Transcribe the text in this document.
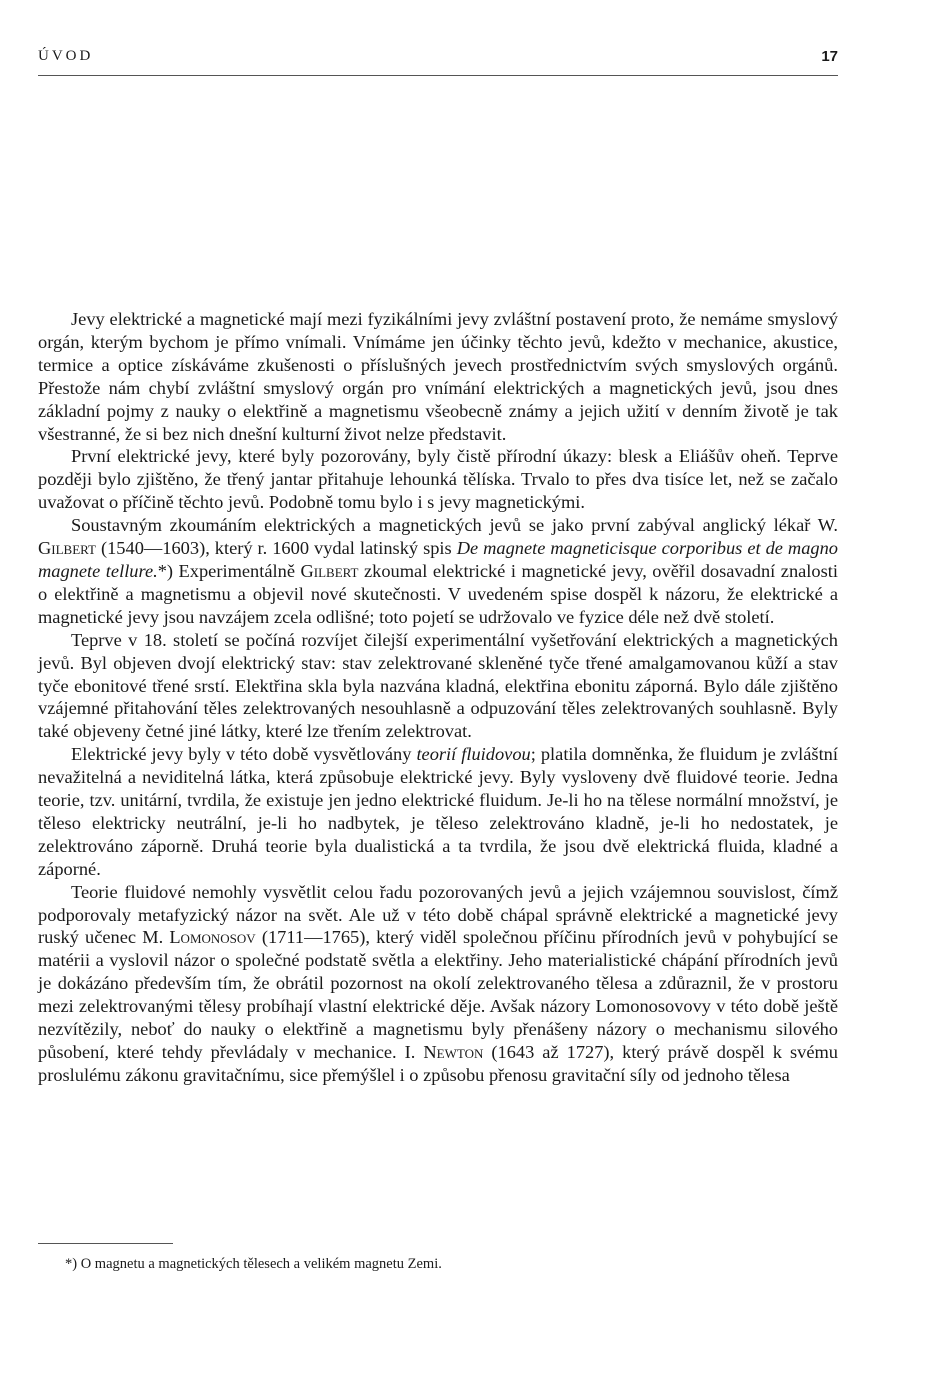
ÚVOD	17

Jevy elektrické a magnetické mají mezi fyzikálními jevy zvláštní postavení proto, že nemáme smyslový orgán, kterým bychom je přímo vnímali. Vnímáme jen účinky těchto jevů, kdežto v mechanice, akustice, termice a optice získáváme zkušenosti o příslušných jevech prostřednictvím svých smyslových orgánů. Přestože nám chybí zvláštní smyslový orgán pro vnímání elektrických a magnetických jevů, jsou dnes základní pojmy z nauky o elektřině a magnetismu všeobecně známy a jejich užití v denním životě je tak všestranné, že si bez nich dnešní kulturní život nelze představit.

První elektrické jevy, které byly pozorovány, byly čistě přírodní úkazy: blesk a Eliášův oheň. Teprve později bylo zjištěno, že třený jantar přitahuje lehounká tělíska. Trvalo to přes dva tisíce let, než se začalo uvažovat o příčině těchto jevů. Podobně tomu bylo i s jevy magnetickými.

Soustavným zkoumáním elektrických a magnetických jevů se jako první zabýval anglický lékař W. Gilbert (1540—1603), který r. 1600 vydal latinský spis De magnete magneticisque corporibus et de magno magnete tellure.*) Experimentálně Gilbert zkoumal elektrické i magnetické jevy, ověřil dosavadní znalosti o elektřině a magnetismu a objevil nové skutečnosti. V uvedeném spise dospěl k názoru, že elektrické a magnetické jevy jsou navzájem zcela odlišné; toto pojetí se udržovalo ve fyzice déle než dvě století.

Teprve v 18. století se počíná rozvíjet čilejší experimentální vyšetřování elektrických a magnetických jevů. Byl objeven dvojí elektrický stav: stav zelektrované skleněné tyče třené amalgamovanou kůží a stav tyče ebonitové třené srstí. Elektřina skla byla nazvána kladná, elektřina ebonitu záporná. Bylo dále zjištěno vzájemné přitahování těles zelektrovaných nesouhlasně a odpuzování těles zelektrovaných souhlasně. Byly také objeveny četné jiné látky, které lze třením zelektrovat.

Elektrické jevy byly v této době vysvětlovány teorií fluidovou; platila domněnka, že fluidum je zvláštní nevažitelná a neviditelná látka, která způsobuje elektrické jevy. Byly vysloveny dvě fluidové teorie. Jedna teorie, tzv. unitární, tvrdila, že existuje jen jedno elektrické fluidum. Je-li ho na tělese normální množství, je těleso elektricky neutrální, je-li ho nadbytek, je těleso zelektrováno kladně, je-li ho nedostatek, je zelektrováno záporně. Druhá teorie byla dualistická a ta tvrdila, že jsou dvě elektrická fluida, kladné a záporné.

Teorie fluidové nemohly vysvětlit celou řadu pozorovaných jevů a jejich vzájemnou souvislost, čímž podporovaly metafyzický názor na svět. Ale už v této době chápal správně elektrické a magnetické jevy ruský učenec M. Lomonosov (1711—1765), který viděl společnou příčinu přírodních jevů v pohybující se matérii a vyslovil názor o společné podstatě světla a elektřiny. Jeho materialistické chápání přírodních jevů je dokázáno především tím, že obrátil pozornost na okolí zelektrovaného tělesa a zdůraznil, že v prostoru mezi zelektrovanými tělesy probíhají vlastní elektrické děje. Avšak názory Lomonosovovy v této době ještě nezvítězily, neboť do nauky o elektřině a magnetismu byly přenášeny názory o mechanismu silového působení, které tehdy převládaly v mechanice. I. Newton (1643 až 1727), který právě dospěl k svému proslulému zákonu gravitačnímu, sice přemýšlel i o způsobu přenosu gravitační síly od jednoho tělesa

*) O magnetu a magnetických tělesech a velikém magnetu Zemi.
